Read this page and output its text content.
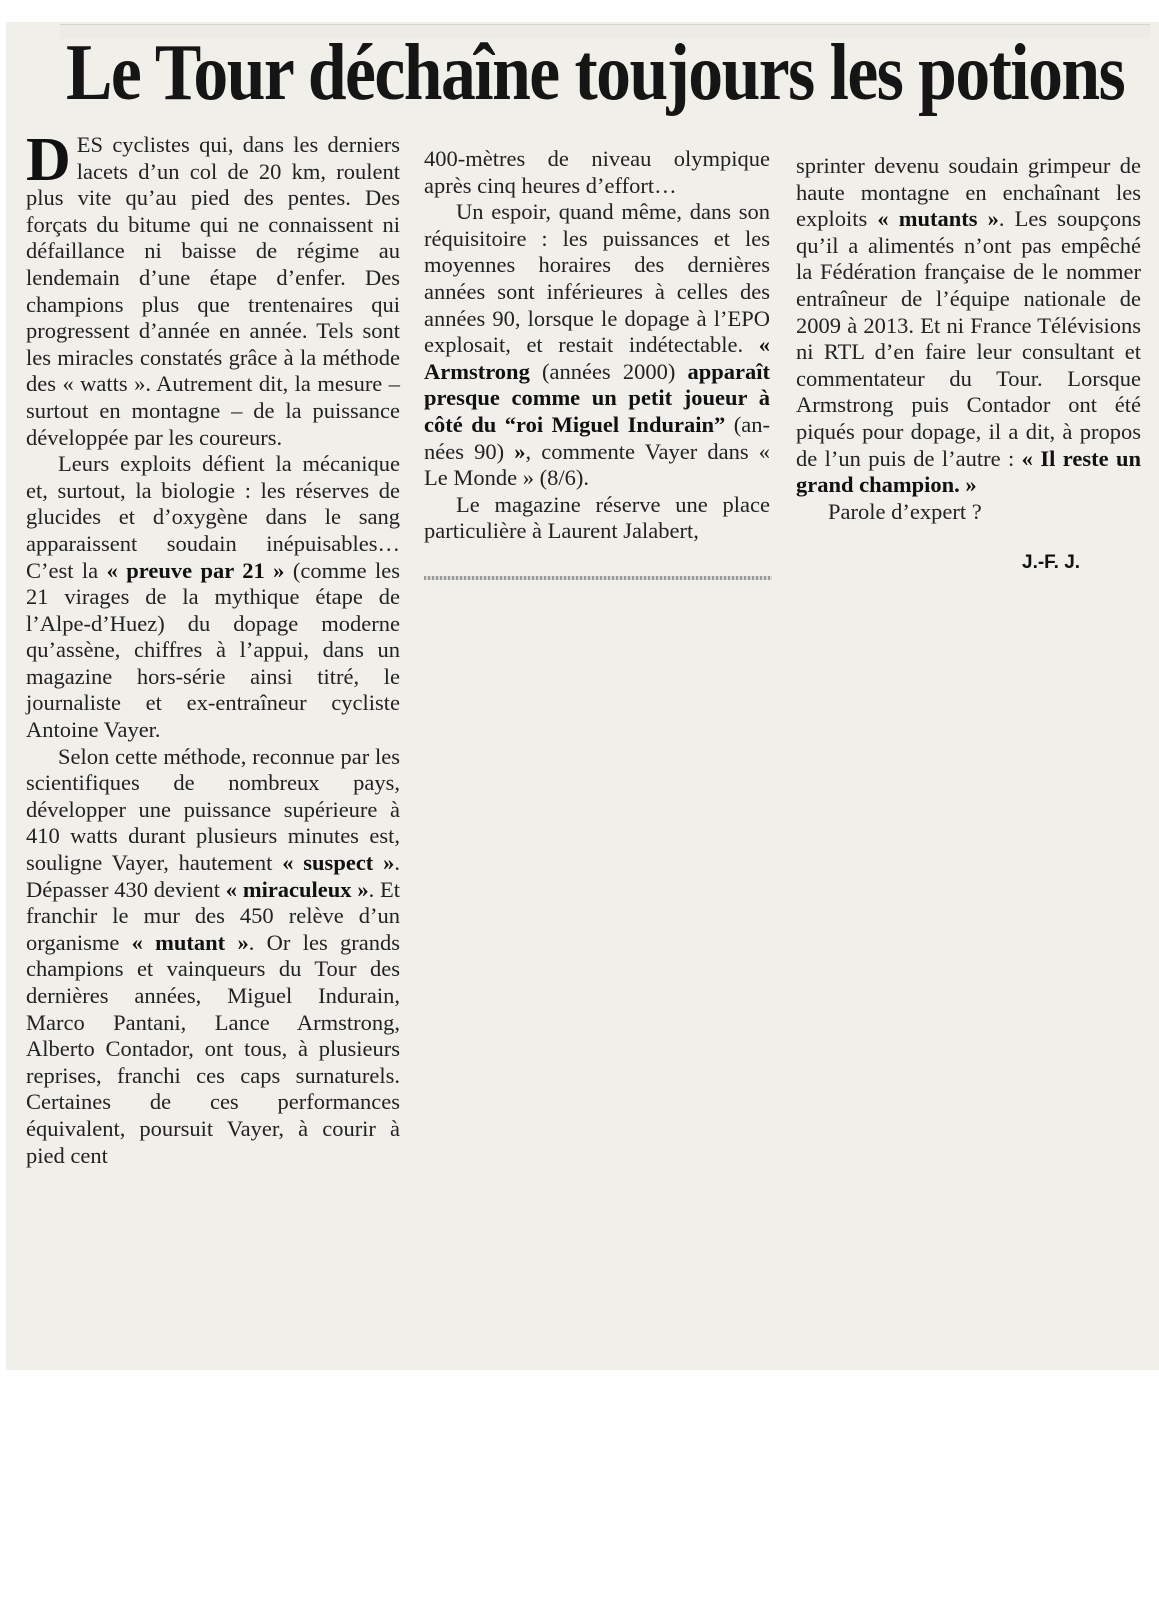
Le Tour déchaîne toujours les potions

DES cyclistes qui, dans les derniers lacets d’un col de 20 km, roulent plus vite qu’au pied des pentes. Des forçats du bitume qui ne connaissent ni défaillance ni baisse de régime au lendemain d’une étape d’enfer. Des champions plus que trentenaires qui progressent d’année en année. Tels sont les miracles constatés grâce à la méthode des « watts ». Autrement dit, la mesure – surtout en montagne – de la puissance développée par les coureurs.

Leurs exploits défient la mécanique et, surtout, la biologie : les réserves de glucides et d’oxygène dans le sang apparaissent soudain inépuisables… C’est la « preuve par 21 » (comme les 21 virages de la mythique étape de l’Alpe-d’Huez) du dopage moderne qu’assène, chiffres à l’appui, dans un magazine hors-série ainsi titré, le journaliste et ex-entraîneur cycliste Antoine Vayer.

Selon cette méthode, reconnue par les scientifiques de nombreux pays, développer une puissance supérieure à 410 watts durant plusieurs minutes est, souligne Vayer, hautement « suspect ». Dépasser 430 devient « miraculeux ». Et franchir le mur des 450 relève d’un organisme « mutant ». Or les grands champions et vainqueurs du Tour des dernières années, Miguel Indurain, Marco Pantani, Lance Armstrong, Alberto Contador, ont tous, à plusieurs reprises, franchi ces caps surnaturels. Certaines de ces performances équivalent, poursuit Vayer, à courir à pied cent

400-mètres de niveau olympique après cinq heures d’effort…

Un espoir, quand même, dans son réquisitoire : les puissances et les moyennes horaires des dernières années sont inférieures à celles des années 90, lorsque le dopage à l’EPO explosait, et restait indétectable. « Armstrong (années 2000) apparaît presque comme un petit joueur à côté du “roi Miguel Indurain” (années 90) », commente Vayer dans « Le Monde » (8/6).

Le magazine réserve une place particulière à Laurent Jalabert,

sprinter devenu soudain grimpeur de haute montagne en enchaînant les exploits « mutants ». Les soupçons qu’il a alimentés n’ont pas empêché la Fédération française de le nommer entraîneur de l’équipe nationale de 2009 à 2013. Et ni France Télévisions ni RTL d’en faire leur consultant et commentateur du Tour. Lorsque Armstrong puis Contador ont été piqués pour dopage, il a dit, à propos de l’un puis de l’autre : « Il reste un grand champion. »

Parole d’expert ?

J.-F. J.
